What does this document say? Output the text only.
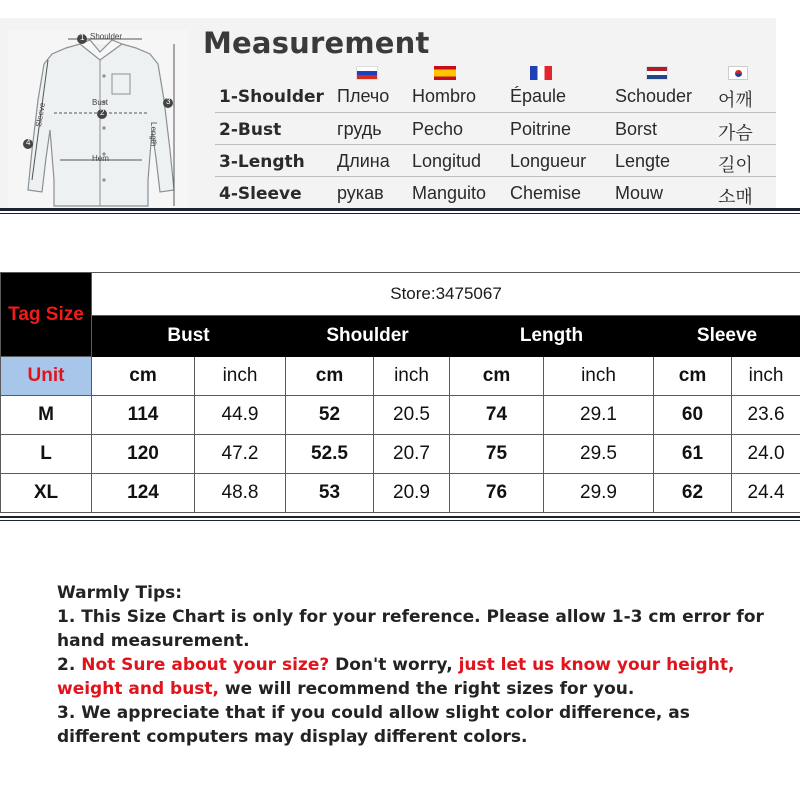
Shoulder
Bust
Hem
Length
Sleeve
1
2
3
4
Measurement
1-Shoulder Плечо Hombro Épaule	Schouder 어깨
2-Bust	грудь Pecho	Poitrine Borst	가슴
3-Length Длина Longitud Longueur Lengte	길이
4-Sleeve рукав Manguito Chemise Mouw	소매
Tag Size	Store:3475067							
	Bust		Shoulder		Length		Sleeve	
Unit	cm	inch	cm	inch	cm	inch	cm	inch
M	114	44.9	52	20.5	74	29.1	60	23.6
L	120	47.2	52.5	20.7	75	29.5	61	24.0
XL	124	48.8	53	20.9	76	29.9	62	24.4

Warmly Tips:

1. This Size Chart is only for your reference. Please allow 1-3 cm error for hand measurement.

2. Not Sure about your size? Don't worry, just let us know your height, weight and bust, we will recommend the right sizes for you.

3. We appreciate that if you could allow slight color difference, as different computers may display different colors.
